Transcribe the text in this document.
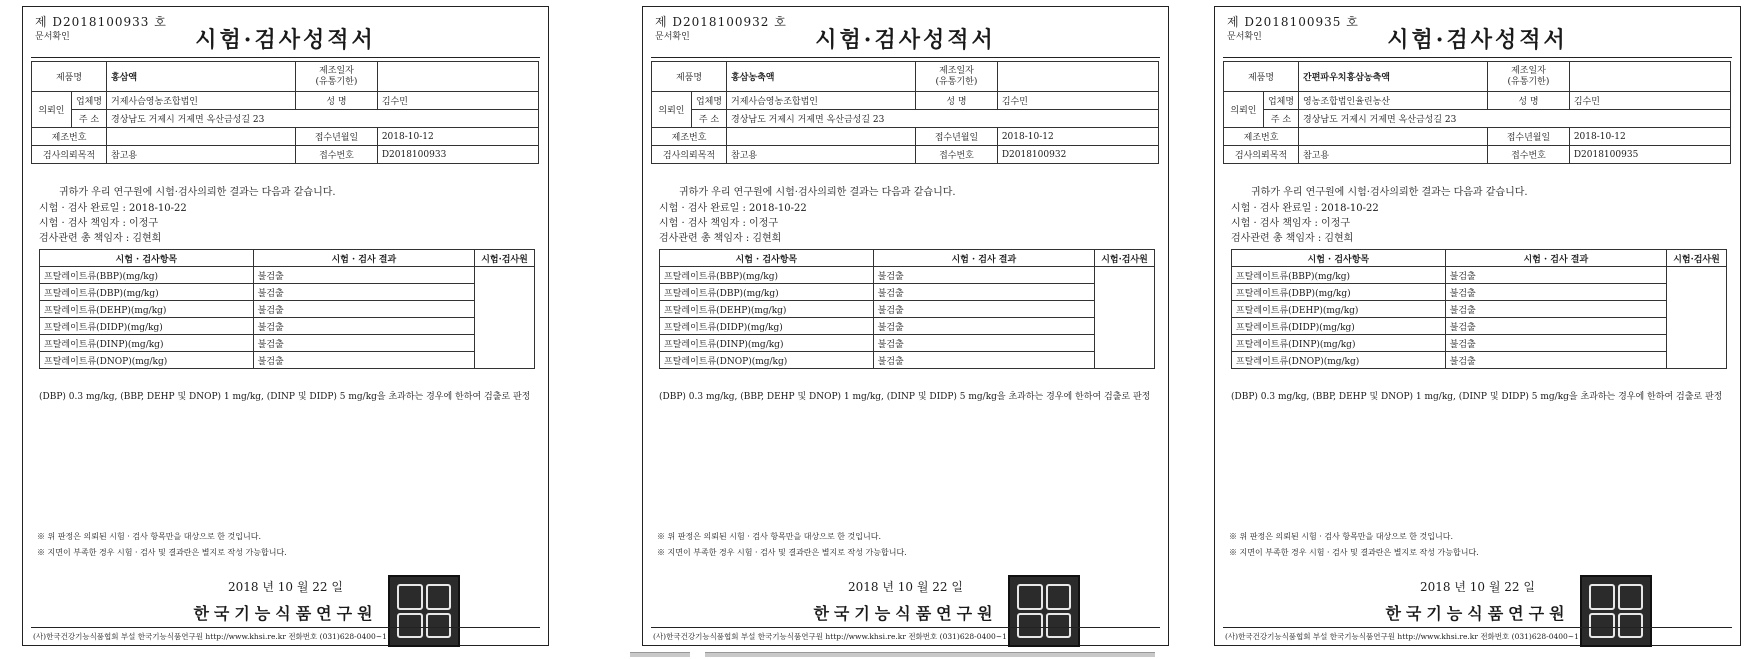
제 D2018100933 호
문서확인	시험·검사성적서
제품명		홍삼액	제조일자
(유통기한)	
의뢰인	업체명	거제사슴영농조합법인	성 명	김수민
	주 소	경상남도 거제시 거제면 옥산금성길 23		
제조번호			접수년월일	2018-10-12
검사의뢰목적		참고용	접수번호	D2018100933
귀하가 우리 연구원에 시험·검사의뢰한 결과는 다음과 같습니다.
시험 · 검사 완료일 : 2018-10-22
시험 · 검사 책임자 : 이정구
검사관련 총 책임자 : 김현희
시험 · 검사항목	시험 · 검사 결과	시험·검사원
프탈레이트류(BBP)(mg/kg)	불검출	
프탈레이트류(DBP)(mg/kg)	불검출	
프탈레이트류(DEHP)(mg/kg)	불검출	
프탈레이트류(DIDP)(mg/kg)	불검출	
프탈레이트류(DINP)(mg/kg)	불검출	
프탈레이트류(DNOP)(mg/kg)	불검출	
(DBP) 0.3 mg/kg, (BBP, DEHP 및 DNOP) 1 mg/kg, (DINP 및 DIDP) 5 mg/kg을 초과하는 경우에 한하여 검출로 판정
※ 위 판정은 의뢰된 시험 · 검사 항목만을 대상으로 한 것입니다.
※ 지면이 부족한 경우 시험 · 검사 및 결과란은 별지로 작성 가능합니다.
2018 년 10 월 22 일
한국기능식품연구원
(사)한국건강기능식품협회 부설 한국기능식품연구원 http://www.khsi.re.kr 전화번호 (031)628-0400~1
제 D2018100932 호
문서확인	시험·검사성적서
제품명		홍삼농축액	제조일자
(유통기한)	
의뢰인	업체명	거제사슴영농조합법인	성 명	김수민
	주 소	경상남도 거제시 거제면 옥산금성길 23		
제조번호			접수년월일	2018-10-12
검사의뢰목적		참고용	접수번호	D2018100932
귀하가 우리 연구원에 시험·검사의뢰한 결과는 다음과 같습니다.
시험 · 검사 완료일 : 2018-10-22
시험 · 검사 책임자 : 이정구
검사관련 총 책임자 : 김현희
시험 · 검사항목	시험 · 검사 결과	시험·검사원
프탈레이트류(BBP)(mg/kg)	불검출	
프탈레이트류(DBP)(mg/kg)	불검출	
프탈레이트류(DEHP)(mg/kg)	불검출	
프탈레이트류(DIDP)(mg/kg)	불검출	
프탈레이트류(DINP)(mg/kg)	불검출	
프탈레이트류(DNOP)(mg/kg)	불검출	
(DBP) 0.3 mg/kg, (BBP, DEHP 및 DNOP) 1 mg/kg, (DINP 및 DIDP) 5 mg/kg을 초과하는 경우에 한하여 검출로 판정
※ 위 판정은 의뢰된 시험 · 검사 항목만을 대상으로 한 것입니다.
※ 지면이 부족한 경우 시험 · 검사 및 결과란은 별지로 작성 가능합니다.
2018 년 10 월 22 일
한국기능식품연구원
(사)한국건강기능식품협회 부설 한국기능식품연구원 http://www.khsi.re.kr 전화번호 (031)628-0400~1
제 D2018100935 호
문서확인	시험·검사성적서
제품명		간편파우치홍삼농축액	제조일자
(유통기한)	
의뢰인	업체명	영농조합법인율린농산	성 명	김수민
	주 소	경상남도 거제시 거제면 옥산금성길 23		
제조번호			접수년월일	2018-10-12
검사의뢰목적		참고용	접수번호	D2018100935
귀하가 우리 연구원에 시험·검사의뢰한 결과는 다음과 같습니다.
시험 · 검사 완료일 : 2018-10-22
시험 · 검사 책임자 : 이정구
검사관련 총 책임자 : 김현희
시험 · 검사항목	시험 · 검사 결과	시험·검사원
프탈레이트류(BBP)(mg/kg)	불검출	
프탈레이트류(DBP)(mg/kg)	불검출	
프탈레이트류(DEHP)(mg/kg)	불검출	
프탈레이트류(DIDP)(mg/kg)	불검출	
프탈레이트류(DINP)(mg/kg)	불검출	
프탈레이트류(DNOP)(mg/kg)	불검출	
(DBP) 0.3 mg/kg, (BBP, DEHP 및 DNOP) 1 mg/kg, (DINP 및 DIDP) 5 mg/kg을 초과하는 경우에 한하여 검출로 판정
※ 위 판정은 의뢰된 시험 · 검사 항목만을 대상으로 한 것입니다.
※ 지면이 부족한 경우 시험 · 검사 및 결과란은 별지로 작성 가능합니다.
2018 년 10 월 22 일
한국기능식품연구원
(사)한국건강기능식품협회 부설 한국기능식품연구원 http://www.khsi.re.kr 전화번호 (031)628-0400~1
